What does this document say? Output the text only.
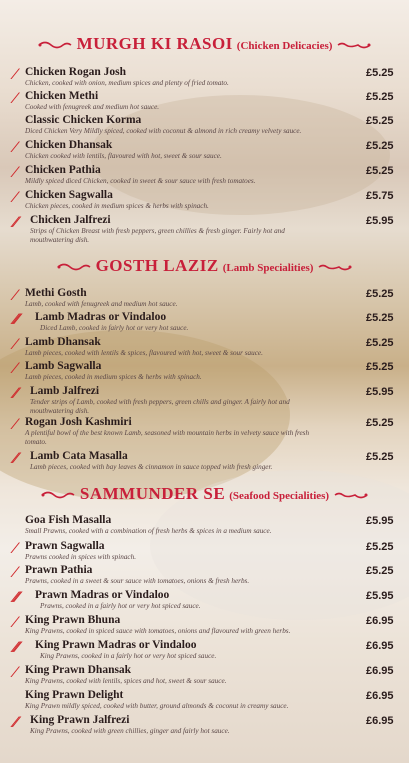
MURGH KI RASOI (Chicken Delicacies)
⁄ Chicken Rogan Josh
Chicken, cooked with onion, medium spices and plenty of fried tomato.
£5.25
⁄ Chicken Methi
Cooked with fenugreek and medium hot sauce.
£5.25
Classic Chicken Korma
Diced Chicken Very Mildly spiced, cooked with coconut & almond in rich creamy velvety sauce.
£5.25
⁄ Chicken Dhansak
Chicken cooked with lentils, flavoured with hot, sweet & sour sauce.
£5.25
⁄ Chicken Pathia
Mildly spiced diced Chicken, cooked in sweet & sour sauce with fresh tomatoes.
£5.25
⁄ Chicken Sagwalla
Chicken pieces, cooked in medium spices & herbs with spinach.
£5.75
⁄⁄ Chicken Jalfrezi
Strips of Chicken Breast with fresh peppers, green chillies & fresh ginger. Fairly hot and mouthwatering dish.
£5.95
GOSTH LAZIZ (Lamb Specialities)
⁄ Methi Gosth
Lamb, cooked with fenugreek and medium hot sauce.
£5.25
⁄⁄⁄ Lamb Madras or Vindaloo
Diced Lamb, cooked in fairly hot or very hot sauce.
£5.25
⁄ Lamb Dhansak
Lamb pieces, cooked with lentils & spices, flavoured with hot, sweet & sour sauce.
£5.25
⁄ Lamb Sagwalla
Lamb pieces, cooked in medium spices & herbs with spinach.
£5.25
⁄⁄ Lamb Jalfrezi
Tender strips of Lamb, cooked with fresh peppers, green chills and ginger. A fairly hot and mouthwatering dish.
£5.95
⁄ Rogan Josh Kashmiri
A plentiful bowl of the best known Lamb, seasoned with mountain herbs in velvety sauce with fresh tomato.
£5.25
⁄⁄ Lamb Cata Masalla
Lamb pieces, cooked with bay leaves & cinnamon in sauce topped with fresh ginger.
£5.25
SAMMUNDER SE (Seafood Specialities)
Goa Fish Masalla
Small Prawns, cooked with a combination of fresh herbs & spices in a medium sauce.
£5.95
⁄ Prawn Sagwalla
Prawns cooked in spices with spinach.
£5.25
⁄ Prawn Pathia
Prawns, cooked in a sweet & sour sauce with tomatoes, onions & fresh herbs.
£5.25
⁄⁄⁄ Prawn Madras or Vindaloo
Prawns, cooked in a fairly hot or very hot spiced sauce.
£5.95
⁄ King Prawn Bhuna
King Prawns, cooked in spiced sauce with tomatoes, onions and flavoured with green herbs.
£6.95
⁄⁄⁄ King Prawn Madras or Vindaloo
King Prawns, cooked in a fairly hot or very hot spiced sauce.
£6.95
⁄ King Prawn Dhansak
King Prawns, cooked with lentils, spices and hot, sweet & sour sauce.
£6.95
King Prawn Delight
King Prawn mildly spiced, cooked with butter, ground almonds & coconut in creamy sauce.
£6.95
⁄⁄ King Prawn Jalfrezi
King Prawns, cooked with green chillies, ginger and fairly hot sauce.
£6.95
